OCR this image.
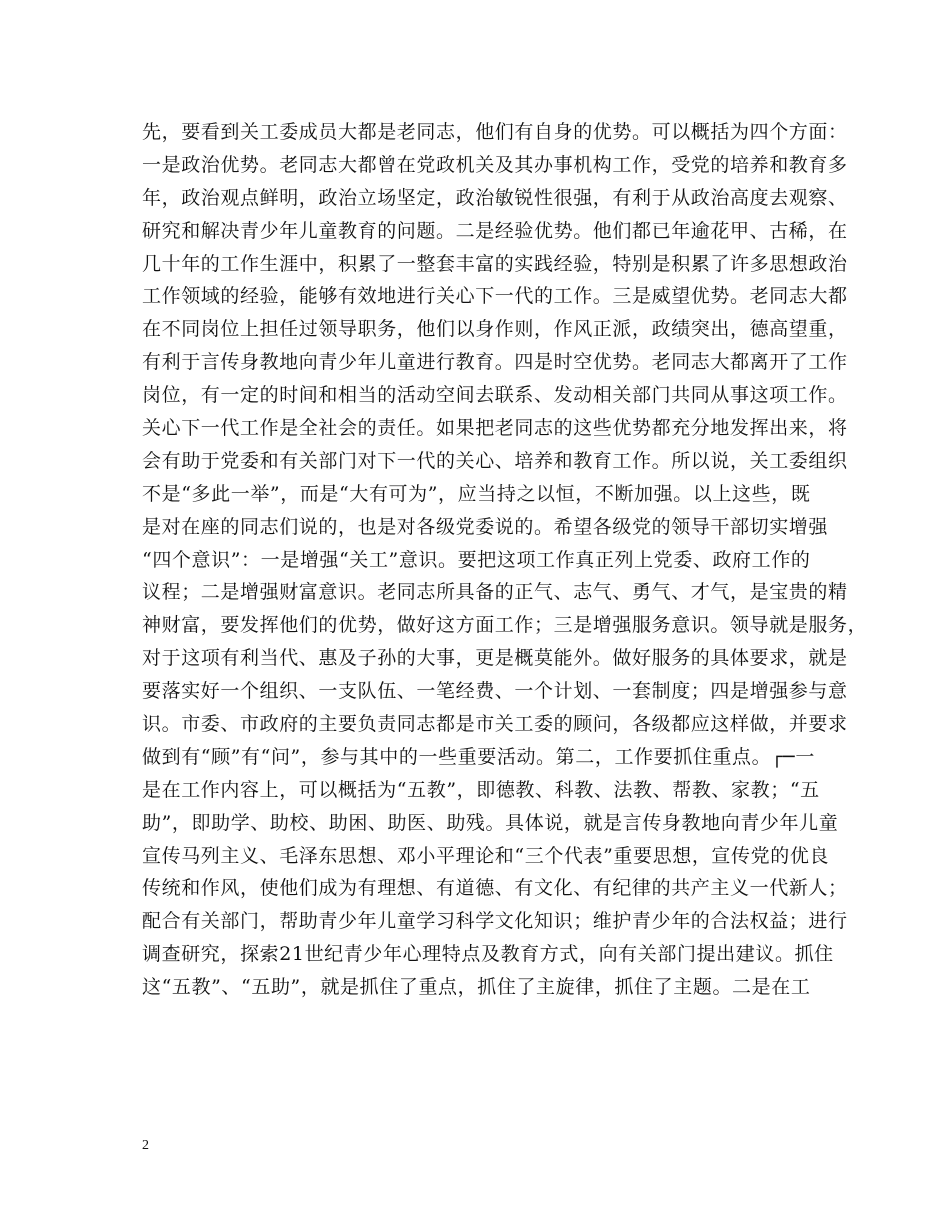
先，要看到关工委成员大都是老同志，他们有自身的优势。可以概括为四个方面：
一是政治优势。老同志大都曾在党政机关及其办事机构工作，受党的培养和教育多
年，政治观点鲜明，政治立场坚定，政治敏锐性很强，有利于从政治高度去观察、
研究和解决青少年儿童教育的问题。二是经验优势。他们都已年逾花甲、古稀，在
几十年的工作生涯中，积累了一整套丰富的实践经验，特别是积累了许多思想政治
工作领域的经验，能够有效地进行关心下一代的工作。三是威望优势。老同志大都
在不同岗位上担任过领导职务，他们以身作则，作风正派，政绩突出，德高望重，
有利于言传身教地向青少年儿童进行教育。四是时空优势。老同志大都离开了工作
岗位，有一定的时间和相当的活动空间去联系、发动相关部门共同从事这项工作。
关心下一代工作是全社会的责任。如果把老同志的这些优势都充分地发挥出来，将
会有助于党委和有关部门对下一代的关心、培养和教育工作。所以说，关工委组织
不是“多此一举”，而是“大有可为”，应当持之以恒，不断加强。以上这些，既
是对在座的同志们说的，也是对各级党委说的。希望各级党的领导干部切实增强
“四个意识”：一是增强“关工”意识。要把这项工作真正列上党委、政府工作的
议程；二是增强财富意识。老同志所具备的正气、志气、勇气、才气，是宝贵的精
神财富，要发挥他们的优势，做好这方面工作；三是增强服务意识。领导就是服务，
对于这项有利当代、惠及子孙的大事，更是概莫能外。做好服务的具体要求，就是
要落实好一个组织、一支队伍、一笔经费、一个计划、一套制度；四是增强参与意
识。市委、市政府的主要负责同志都是市关工委的顾问，各级都应这样做，并要求
做到有“顾”有“问”，参与其中的一些重要活动。第二，工作要抓住重点。┌─一
是在工作内容上，可以概括为“五教”，即德教、科教、法教、帮教、家教；“五
助”，即助学、助校、助困、助医、助残。具体说，就是言传身教地向青少年儿童
宣传马列主义、毛泽东思想、邓小平理论和“三个代表”重要思想，宣传党的优良
传统和作风，使他们成为有理想、有道德、有文化、有纪律的共产主义一代新人；
配合有关部门，帮助青少年儿童学习科学文化知识；维护青少年的合法权益；进行
调查研究，探索21世纪青少年心理特点及教育方式，向有关部门提出建议。抓住
这“五教”、“五助”，就是抓住了重点，抓住了主旋律，抓住了主题。二是在工
2
